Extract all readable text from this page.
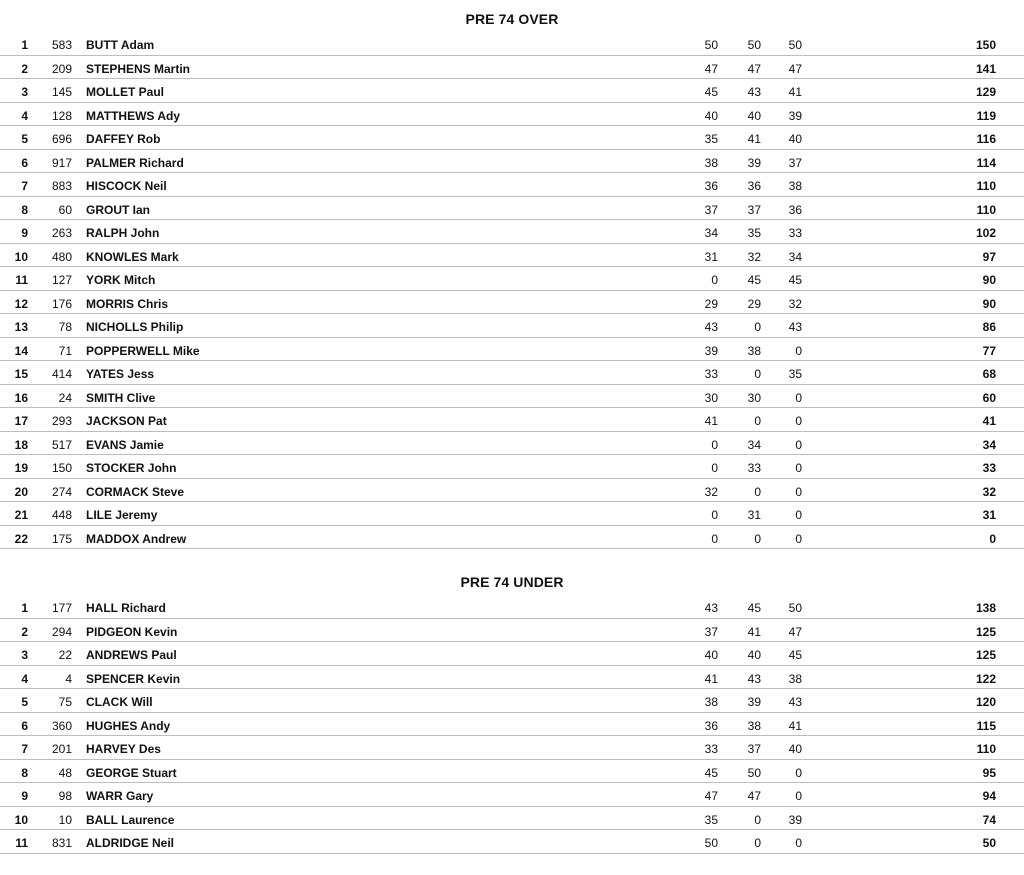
PRE 74 OVER
1	583 BUTT Adam	50	50	50	150
2	209 STEPHENS Martin	47	47	47	141
3	145 MOLLET Paul	45	43	41	129
4	128 MATTHEWS Ady	40	40	39	119
5	696 DAFFEY Rob	35	41	40	116
6	917 PALMER Richard	38	39	37	114
7	883 HISCOCK Neil	36	36	38	110
8	60 GROUT Ian	37	37	36	110
9	263 RALPH John	34	35	33	102
10	480 KNOWLES Mark	31	32	34	97
11	127 YORK Mitch	0	45	45	90
12	176 MORRIS Chris	29	29	32	90
13	78 NICHOLLS Philip	43	0	43	86
14	71 POPPERWELL Mike	39	38	0	77
15	414 YATES Jess	33	0	35	68
16	24 SMITH Clive	30	30	0	60
17	293 JACKSON Pat	41	0	0	41
18	517 EVANS Jamie	0	34	0	34
19	150 STOCKER John	0	33	0	33
20	274 CORMACK Steve	32	0	0	32
21	448 LILE Jeremy	0	31	0	31
22	175 MADDOX Andrew	0	0	0	0
PRE 74 UNDER
1	177 HALL Richard	43	45	50	138
2	294 PIDGEON Kevin	37	41	47	125
3	22 ANDREWS Paul	40	40	45	125
4	4 SPENCER Kevin	41	43	38	122
5	75 CLACK Will	38	39	43	120
6	360 HUGHES Andy	36	38	41	115
7	201 HARVEY Des	33	37	40	110
8	48 GEORGE Stuart	45	50	0	95
9	98 WARR Gary	47	47	0	94
10	10 BALL Laurence	35	0	39	74
11	831 ALDRIDGE Neil	50	0	0	50
